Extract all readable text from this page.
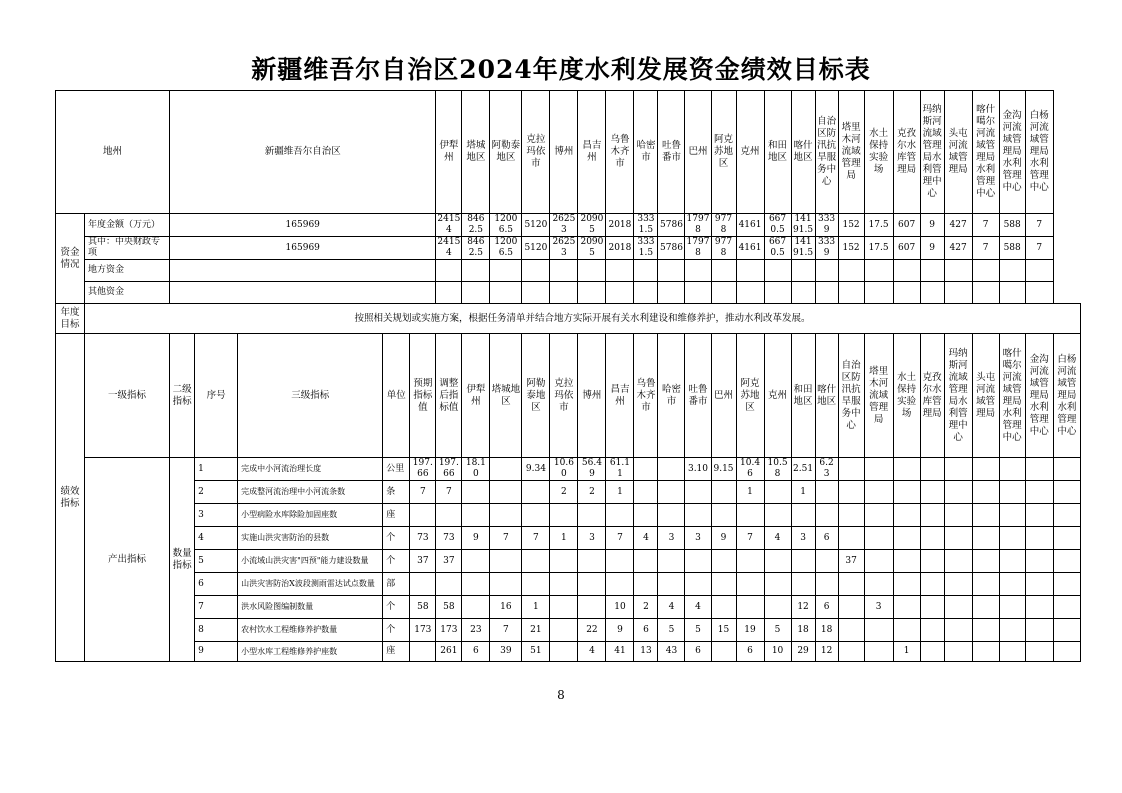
新疆维吾尔自治区2024年度水利发展资金绩效目标表
地州		新疆维吾尔自治区					伊犁州	塔城地区	阿勒泰地区	克拉玛依市	博州	昌吉州	乌鲁木齐市	哈密市	吐鲁番市	巴州	阿克苏地区	克州	和田地区	喀什地区	自治区防汛抗旱服务中心	塔里木河流域管理局	水土保持实验场	克孜尔水库管理局	玛纳斯河流域管理局水利管理中心	头屯河流域管理局	喀什噶尔河流域管理局水利管理中心	金沟河流域管理局水利管理中心	白杨河流域管理局水利管理中心	
资金情况	年度金额（万元）	165969					24154	8462.5	12006.5	5120	26253	20905	2018	3331.5	5786	17978	9778	4161	6670.5	14191.5	3339	152	17.5	607	9	427	7	588	7	
	其中：中央财政专项	165969					24154	8462.5	12006.5	5120	26253	20905	2018	3331.5	5786	17978	9778	4161	6670.5	14191.5	3339	152	17.5	607	9	427	7	588	7	
	地方资金																													
	其他资金																													
年度目标	按照相关规划或实施方案，根据任务清单并结合地方实际开展有关水利建设和维修养护，推动水利改革发展。																													
绩效指标	一级指标	二级指标	序号	三级指标	单位	预期指标值	调整后指标值	伊犁州	塔城地区	阿勒泰地区	克拉玛依市	博州	昌吉州	乌鲁木齐市	哈密市	吐鲁番市	巴州	阿克苏地区	克州	和田地区	喀什地区	自治区防汛抗旱服务中心	塔里木河流域管理局	水土保持实验场	克孜尔水库管理局	玛纳斯河流域管理局水利管理中心	头屯河流域管理局	喀什噶尔河流域管理局水利管理中心	金沟河流域管理局水利管理中心	白杨河流域管理局水利管理中心
	产出指标	数量指标	1	完成中小河流治理长度	公里	197.66	197.66	18.10		9.34	10.60	56.49	61.11			3.10	9.15	10.46	10.58	2.51	6.23									
			2	完成整河流治理中小河流条数	条	7	7				2	2	1					1		1										
			3	小型病险水库除险加固座数	座																									
			4	实施山洪灾害防治的县数	个	73	73	9	7	7	1	3	7	4	3	3	9	7	4	3	6									
			5	小流域山洪灾害"四预"能力建设数量	个	37	37															37								
			6	山洪灾害防治X波段测雨雷达试点数量	部																									
			7	洪水风险图编制数量	个	58	58		16	1			10	2	4	4				12	6		3							
			8	农村饮水工程维修养护数量	个	173	173	23	7	21		22	9	6	5	5	15	19	5	18	18									
			9	小型水库工程维修养护座数	座		261	6	39	51		4	41	13	43	6		6	10	29	12			1						
8
